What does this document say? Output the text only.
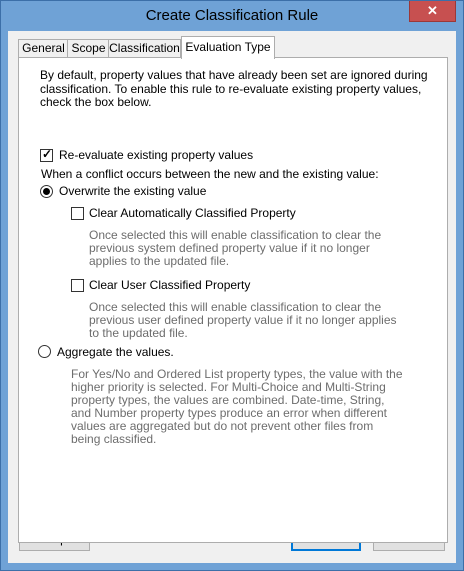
Create Classification Rule	✕
General Scope Classification Evaluation Type
By default, property values that have already been set are ignored during classification. To enable this rule to re-evaluate existing property values, check the box below.
✓ Re-evaluate existing property values
When a conflict occurs between the new and the existing value:
Overwrite the existing value
Clear Automatically Classified Property
Once selected this will enable classification to clear the previous system defined property value if it no longer applies to the updated file.
Clear User Classified Property
Once selected this will enable classification to clear the previous user defined property value if it no longer applies to the updated file.
Aggregate the values.
For Yes/No and Ordered List property types, the value with the higher priority is selected. For Multi-Choice and Multi-String property types, the values are combined. Date-time, String, and Number property types produce an error when different values are aggregated but do not prevent other files from being classified.
